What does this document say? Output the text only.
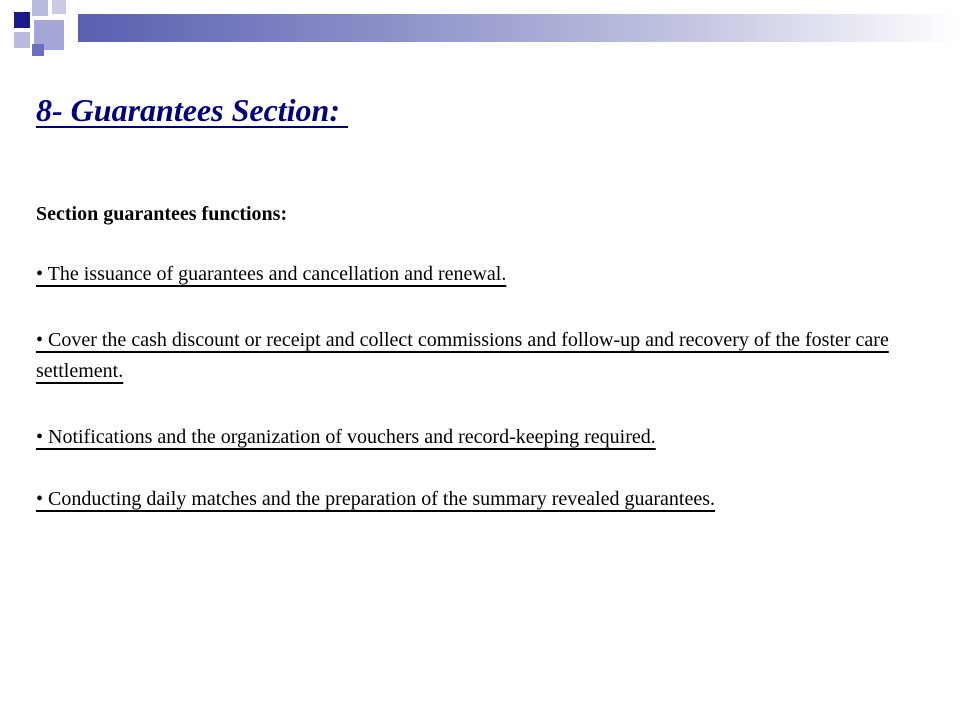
8- Guarantees Section:

Section guarantees functions:

• The issuance of guarantees and cancellation and renewal.

• Cover the cash discount or receipt and collect commissions and follow-up and recovery of the foster care settlement.

• Notifications and the organization of vouchers and record-keeping required.

• Conducting daily matches and the preparation of the summary revealed guarantees.
